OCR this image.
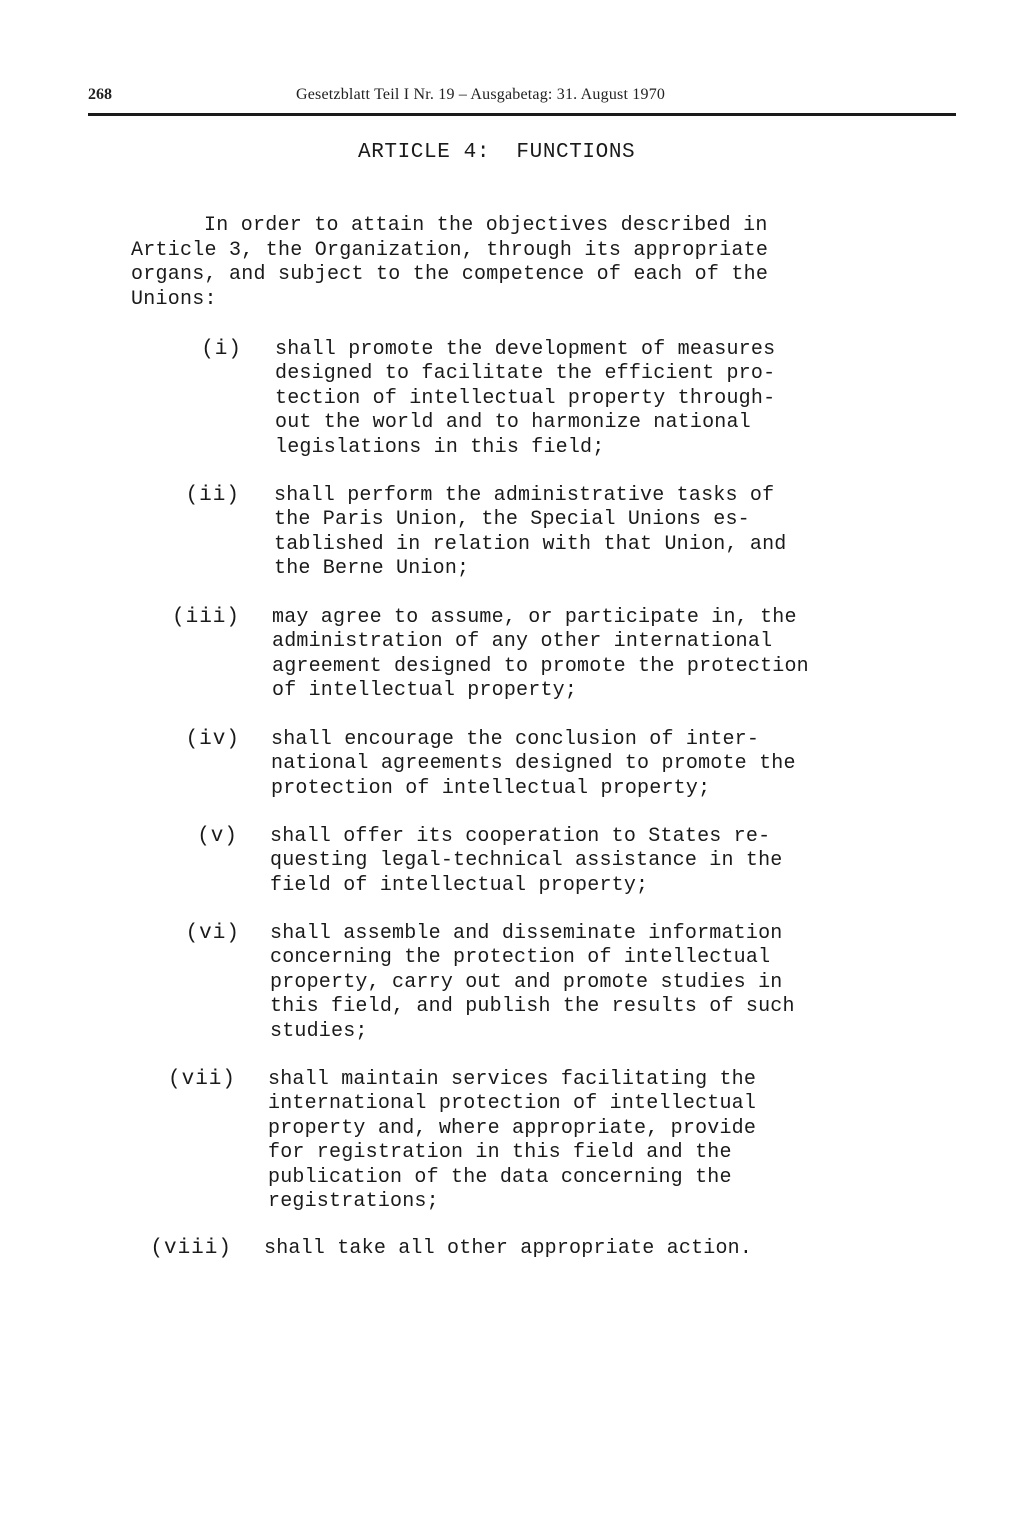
268	Gesetzblatt Teil I Nr. 19 – Ausgabetag: 31. August 1970
ARTICLE 4:  FUNCTIONS
In order to attain the objectives described in
Article 3, the Organization, through its appropriate
organs, and subject to the competence of each of the
Unions:
(i) shall promote the development of measures
designed to facilitate the efficient pro-
tection of intellectual property through-
out the world and to harmonize national
legislations in this field;
(ii) shall perform the administrative tasks of
the Paris Union, the Special Unions es-
tablished in relation with that Union, and
the Berne Union;
(iii) may agree to assume, or participate in, the
administration of any other international
agreement designed to promote the protection
of intellectual property;
(iv) shall encourage the conclusion of inter-
national agreements designed to promote the
protection of intellectual property;
(v) shall offer its cooperation to States re-
questing legal-technical assistance in the
field of intellectual property;
(vi) shall assemble and disseminate information
concerning the protection of intellectual
property, carry out and promote studies in
this field, and publish the results of such
studies;
(vii) shall maintain services facilitating the
international protection of intellectual
property and, where appropriate, provide
for registration in this field and the
publication of the data concerning the
registrations;
(viii) shall take all other appropriate action.
